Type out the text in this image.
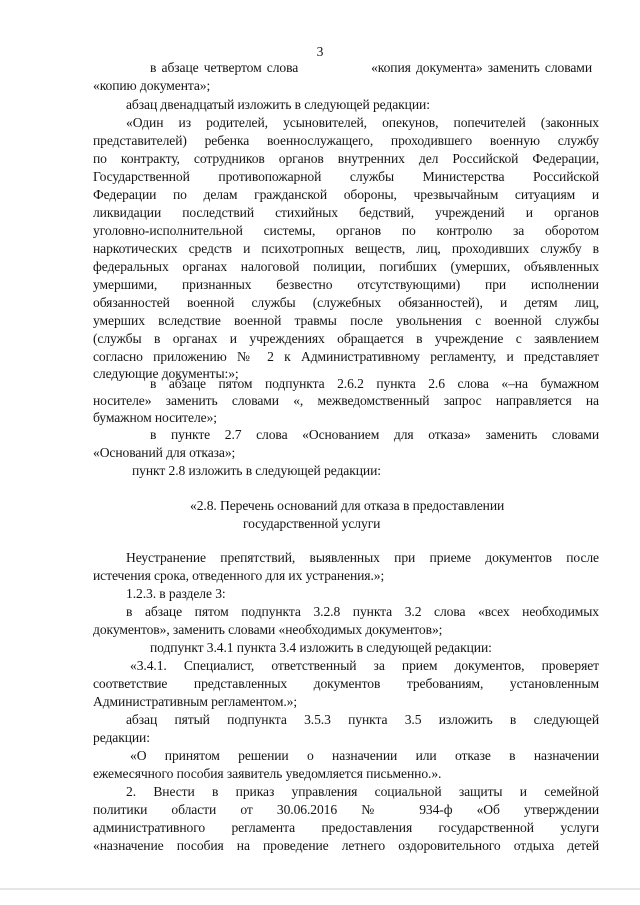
3
в абзаце четвертом слова              «копия документа» заменить словами
«копию документа»;
абзац двенадцатый изложить в следующей редакции:
«Один из родителей, усыновителей, опекунов, попечителей (законных
представителей) ребенка военнослужащего, проходившего военную службу
по контракту, сотрудников органов внутренних дел Российской Федерации,
Государственной противопожарной службы Министерства Российской
Федерации по делам гражданской обороны, чрезвычайным ситуациям и
ликвидации последствий стихийных бедствий, учреждений и органов
уголовно-исполнительной системы, органов по контролю за оборотом
наркотических средств и психотропных веществ, лиц, проходивших службу в
федеральных органах налоговой полиции, погибших (умерших, объявленных
умершими, признанных безвестно отсутствующими) при исполнении
обязанностей военной службы (служебных обязанностей), и детям лиц,
умерших вследствие военной травмы после увольнения с военной службы
(службы в органах и учреждениях обращается в учреждение с заявлением
согласно приложению № 2 к Административному регламенту, и представляет
следующие документы:»;
в абзаце пятом подпункта 2.6.2 пункта 2.6 слова «–на бумажном
носителе» заменить словами «, межведомственный запрос направляется на
бумажном носителе»;
в пункте 2.7 слова «Основанием для отказа» заменить словами
«Оснований для отказа»;
пункт 2.8 изложить в следующей редакции:
«2.8. Перечень оснований для отказа в предоставлении
государственной услуги
Неустранение препятствий, выявленных при приеме документов после
истечения срока, отведенного для их устранения.»;
1.2.3. в разделе 3:
в абзаце пятом подпункта 3.2.8 пункта 3.2 слова «всех необходимых
документов», заменить словами «необходимых документов»;
подпункт 3.4.1 пункта 3.4 изложить в следующей редакции:
«3.4.1. Специалист, ответственный за прием документов, проверяет
соответствие представленных документов требованиям, установленным
Административным регламентом.»;
абзац пятый подпункта 3.5.3 пункта 3.5 изложить в следующей
редакции:
«О принятом решении о назначении или отказе в назначении
ежемесячного пособия заявитель уведомляется письменно.».
2. Внести в приказ управления социальной защиты и семейной
политики области от 30.06.2016 № 934-ф «Об утверждении
административного регламента предоставления государственной услуги
«назначение пособия на проведение летнего оздоровительного отдыха детей
